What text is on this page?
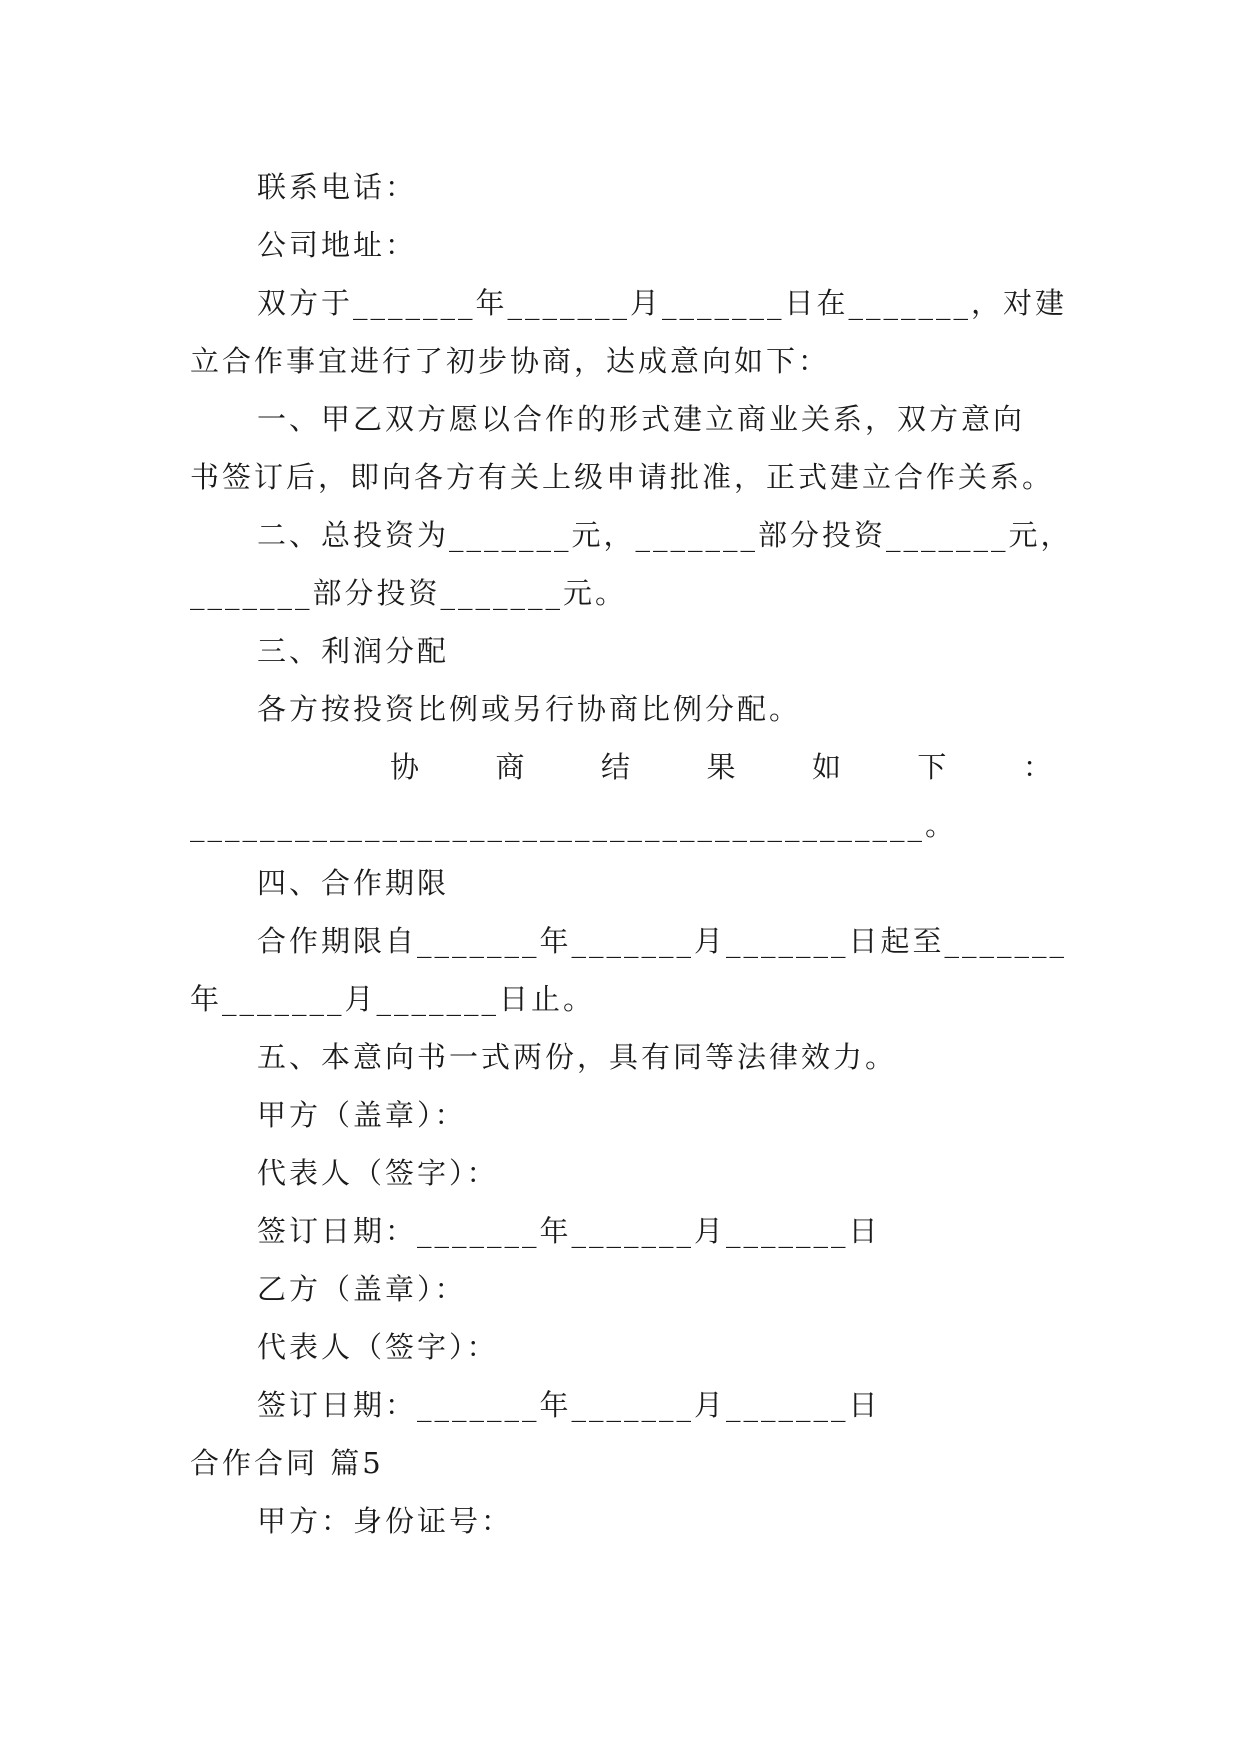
联系电话：
公司地址：
双方于_______年_______月_______日在_______，对建
立合作事宜进行了初步协商，达成意向如下：
一、甲乙双方愿以合作的形式建立商业关系，双方意向
书签订后，即向各方有关上级申请批准，正式建立合作关系。
二、总投资为_______元，_______部分投资_______元，
_______部分投资_______元。
三、利润分配
各方按投资比例或另行协商比例分配。
协	商	结	果	如	下	：
__________________________________________。
四、合作期限
合作期限自_______年_______月_______日起至_______
年_______月_______日止。
五、本意向书一式两份，具有同等法律效力。
甲方（盖章）：
代表人（签字）：
签订日期：_______年_______月_______日
乙方（盖章）：
代表人（签字）：
签订日期：_______年_______月_______日
合作合同 篇5
甲方：身份证号：
